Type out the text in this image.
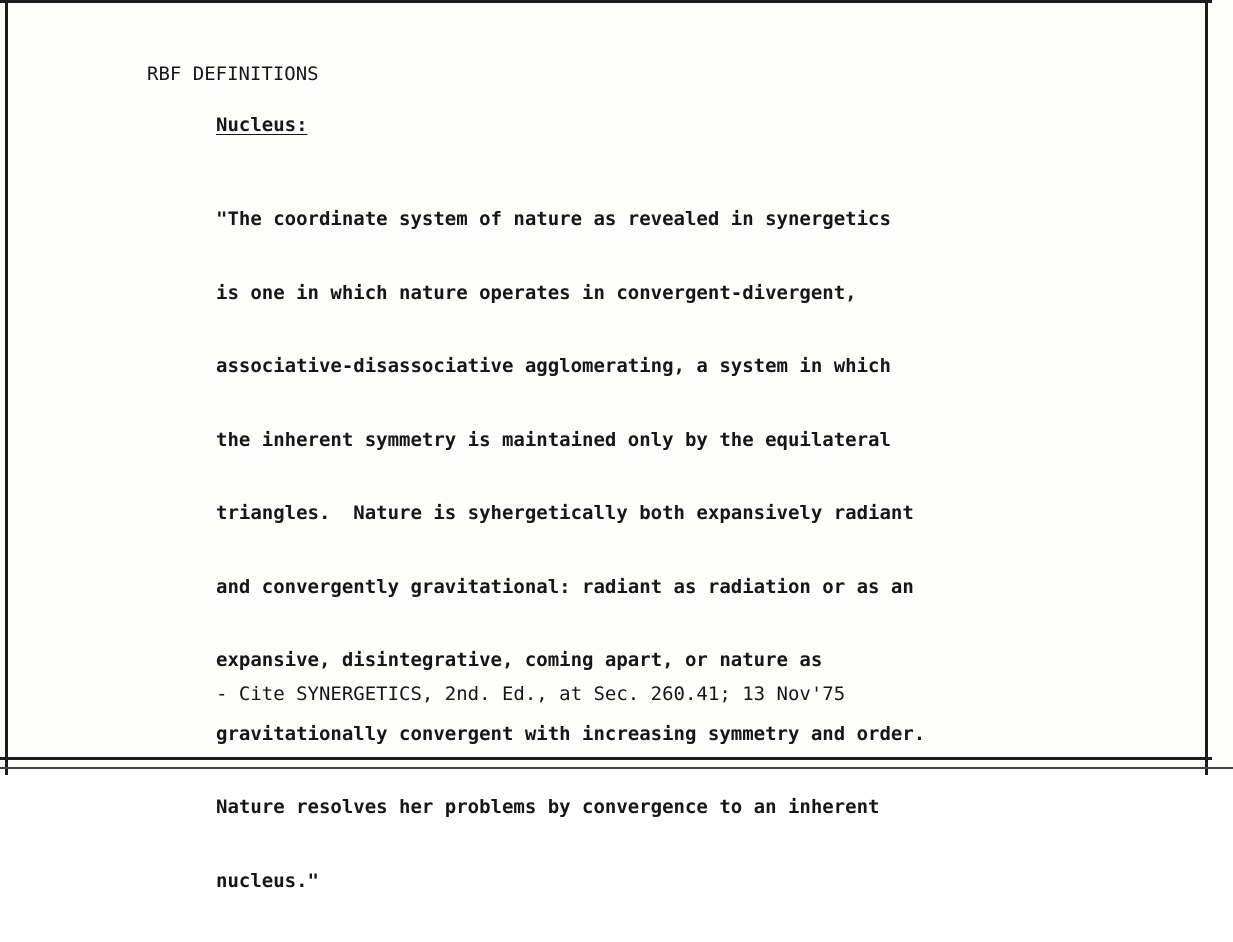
RBF DEFINITIONS

Nucleus:

"The coordinate system of nature as revealed in synergetics

is one in which nature operates in convergent-divergent,

associative-disassociative agglomerating, a system in which

the inherent symmetry is maintained only by the equilateral

triangles.  Nature is syhergetically both expansively radiant

and convergently gravitational: radiant as radiation or as an

expansive, disintegrative, coming apart, or nature as

gravitationally convergent with increasing symmetry and order.

Nature resolves her problems by convergence to an inherent

nucleus."

- Cite SYNERGETICS, 2nd. Ed., at Sec. 260.41; 13 Nov'75
